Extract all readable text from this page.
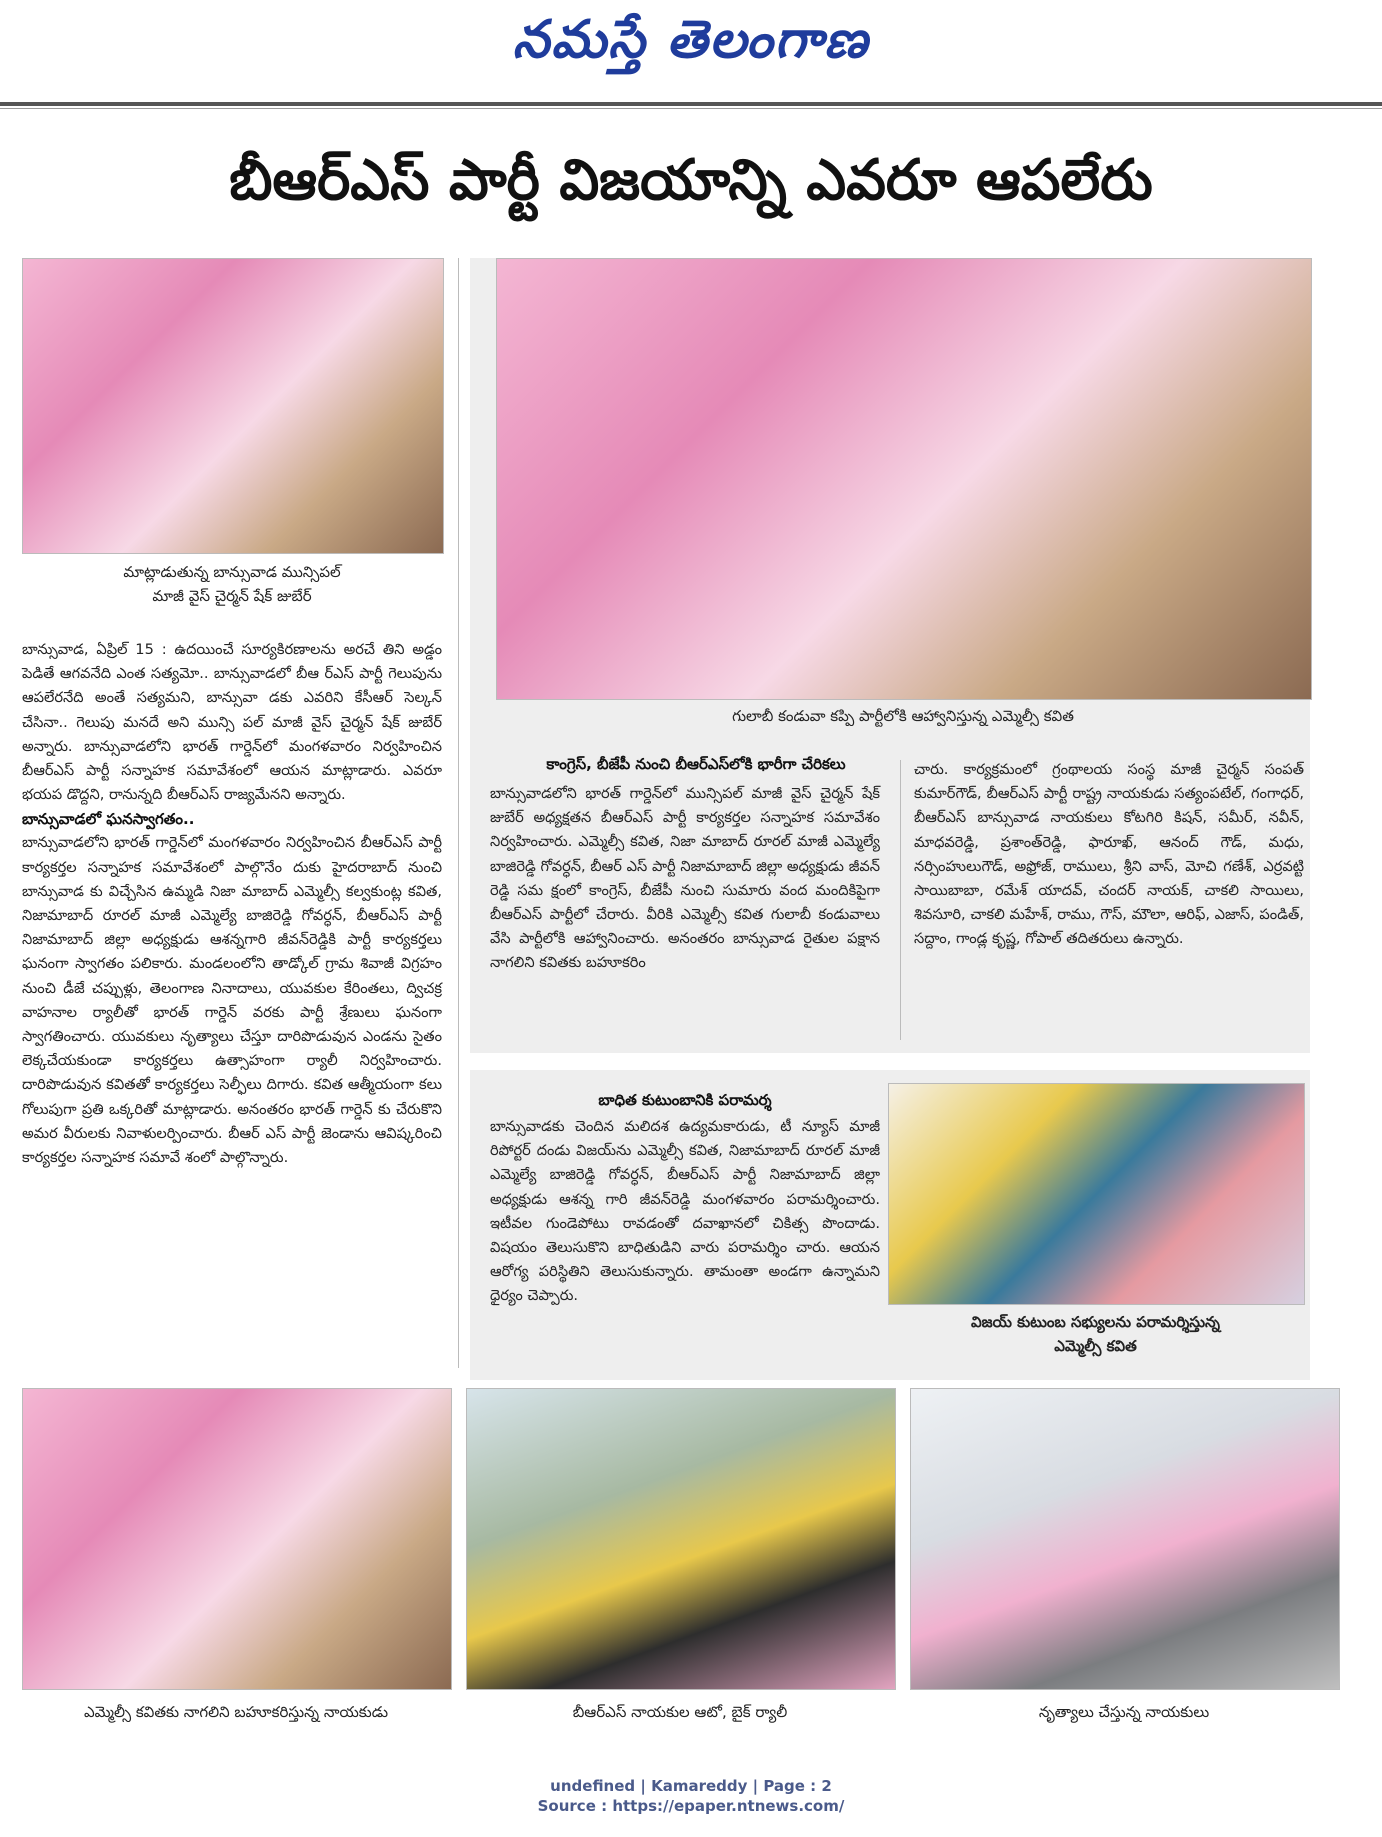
నమస్తే తెలంగాణ
బీఆర్‌ఎస్ పార్టీ విజయాన్ని ఎవరూ ఆపలేరు
మాట్లాడుతున్న బాన్సువాడ మున్సిపల్
మాజీ వైస్ చైర్మన్ షేక్ జుబేర్
బాన్సువాడ, ఏప్రిల్ 15 : ఉదయించే సూర్యకిరణాలను అరచే తిని అడ్డం పెడితే ఆగవనేది ఎంత సత్యమో.. బాన్సువాడలో బీఆ ర్‌ఎస్ పార్టీ గెలుపును ఆపలేరనేది అంతే సత్యమని, బాన్సువా డకు ఎవరిని కేసీఆర్ సెల్కన్ చేసినా.. గెలుపు మనదే అని మున్సి పల్ మాజీ వైస్ చైర్మన్ షేక్ జుబేర్ అన్నారు. బాన్సువాడలోని భారత్ గార్డెన్‌లో మంగళవారం నిర్వహించిన బీఆర్‌ఎస్ పార్టీ సన్నాహక సమావేశంలో ఆయన మాట్లాడారు. ఎవరూ భయప డొద్దని, రానున్నది బీఆర్‌ఎస్ రాజ్యమేనని అన్నారు.
బాన్సువాడలో ఘనస్వాగతం..
బాన్సువాడలోని భారత్ గార్డెన్‌లో మంగళవారం నిర్వహించిన బీఆర్‌ఎస్ పార్టీ కార్యకర్తల సన్నాహక సమావేశంలో పాల్గొనేం దుకు హైదరాబాద్ నుంచి బాన్సువాడ కు విచ్చేసిన ఉమ్మడి నిజా మాబాద్ ఎమ్మెల్సీ కల్వకుంట్ల కవిత, నిజామాబాద్ రూరల్ మాజీ ఎమ్మెల్యే బాజిరెడ్డి గోవర్ధన్, బీఆర్‌ఎస్ పార్టీ నిజామాబాద్ జిల్లా అధ్యక్షుడు ఆశన్నగారి జీవన్‌రెడ్డికి పార్టీ కార్యకర్తలు ఘనంగా స్వాగతం పలికారు. మండలంలోని తాడ్కోల్ గ్రామ శివాజీ విగ్రహం నుంచి డీజే చప్పుళ్లు, తెలంగాణ నినాదాలు, యువకుల కేరింతలు, ద్విచక్ర వాహనాల ర్యాలీతో భారత్ గార్డెన్ వరకు పార్టీ శ్రేణులు ఘనంగా స్వాగతించారు. యువకులు నృత్యాలు చేస్తూ దారిపొడువున ఎండను సైతం లెక్కచేయకుండా కార్యకర్తలు ఉత్సాహంగా ర్యాలీ నిర్వహించారు. దారిపొడువున కవితతో కార్యకర్తలు సెల్ఫీలు దిగారు. కవిత ఆత్మీయంగా కలు గోలుపుగా ప్రతి ఒక్కరితో మాట్లాడారు. అనంతరం భారత్ గార్డెన్ కు చేరుకొని అమర వీరులకు నివాళులర్పించారు. బీఆర్ ఎస్ పార్టీ జెండాను ఆవిష్కరించి కార్యకర్తల సన్నాహక సమావే శంలో పాల్గొన్నారు.
గులాబీ కండువా కప్పి పార్టీలోకి ఆహ్వానిస్తున్న ఎమ్మెల్సీ కవిత
కాంగ్రెస్, బీజేపీ నుంచి బీఆర్‌ఎస్‌లోకి భారీగా చేరికలు
బాన్సువాడలోని భారత్ గార్డెన్‌లో మున్సిపల్ మాజీ వైస్ చైర్మన్ షేక్ జుబేర్ అధ్యక్షతన బీఆర్‌ఎస్ పార్టీ కార్యకర్తల సన్నాహక సమావేశం నిర్వహించారు. ఎమ్మెల్సీ కవిత, నిజా మాబాద్ రూరల్ మాజీ ఎమ్మెల్యే బాజిరెడ్డి గోవర్ధన్, బీఆర్ ఎస్ పార్టీ నిజామాబాద్ జిల్లా అధ్యక్షుడు జీవన్ రెడ్డి సమ క్షంలో కాంగ్రెస్, బీజేపీ నుంచి సుమారు వంద మందికిపైగా బీఆర్‌ఎస్ పార్టీలో చేరారు. వీరికి ఎమ్మెల్సీ కవిత గులాబీ కండువాలు వేసి పార్టీలోకి ఆహ్వానించారు. అనంతరం బాన్సువాడ రైతుల పక్షాన నాగలిని కవితకు బహూకరిం
చారు. కార్యక్రమంలో గ్రంథాలయ సంస్థ మాజీ చైర్మన్ సంపత్ కుమార్‌గౌడ్, బీఆర్‌ఎస్ పార్టీ రాష్ట్ర నాయకుడు సత్యంపటేల్, గంగాధర్, బీఆర్‌ఎస్ బాన్సువాడ నాయకులు కోటగిరి కిషన్, సమీర్, నవీన్, మాధవరెడ్డి, ప్రశాంత్‌రెడ్డి, ఫారూఖ్, ఆనంద్ గౌడ్, మధు, నర్సింహులుగౌడ్, అఫ్రోజ్, రాములు, శ్రీని వాస్, మోచి గణేశ్, ఎర్రవట్టి సాయిబాబా, రమేశ్ యాదవ్, చందర్ నాయక్, చాకలి సాయిలు, శివసూరి, చాకలి మహేశ్, రాము, గౌస్, మౌలా, ఆరిఫ్, ఎజాస్, పండిత్, సద్దాం, గాండ్ల కృష్ణ, గోపాల్ తదితరులు ఉన్నారు.
బాధిత కుటుంబానికి పరామర్శ
బాన్సువాడకు చెందిన మలిదశ ఉద్యమకారుడు, టీ న్యూస్ మాజీ రిపోర్టర్ దండు విజయ్‌ను ఎమ్మెల్సీ కవిత, నిజామాబాద్ రూరల్ మాజీ ఎమ్మెల్యే బాజిరెడ్డి గోవర్ధన్, బీఆర్‌ఎస్ పార్టీ నిజామాబాద్ జిల్లా అధ్యక్షుడు ఆశన్న గారి జీవన్‌రెడ్డి మంగళవారం పరామర్శించారు. ఇటీవల గుండెపోటు రావడంతో దవాఖానలో చికిత్స పొందాడు. విషయం తెలుసుకొని బాధితుడిని వారు పరామర్శిం చారు. ఆయన ఆరోగ్య పరిస్థితిని తెలుసుకున్నారు. తామంతా అండగా ఉన్నామని ధైర్యం చెప్పారు.
విజయ్ కుటుంబ సభ్యులను పరామర్శిస్తున్న
ఎమ్మెల్సీ కవిత
ఎమ్మెల్సీ కవితకు నాగలిని బహూకరిస్తున్న నాయకుడు	బీఆర్‌ఎస్ నాయకుల ఆటో, బైక్ ర్యాలీ	నృత్యాలు చేస్తున్న నాయకులు
undefined | Kamareddy | Page : 2
Source : https://epaper.ntnews.com/
